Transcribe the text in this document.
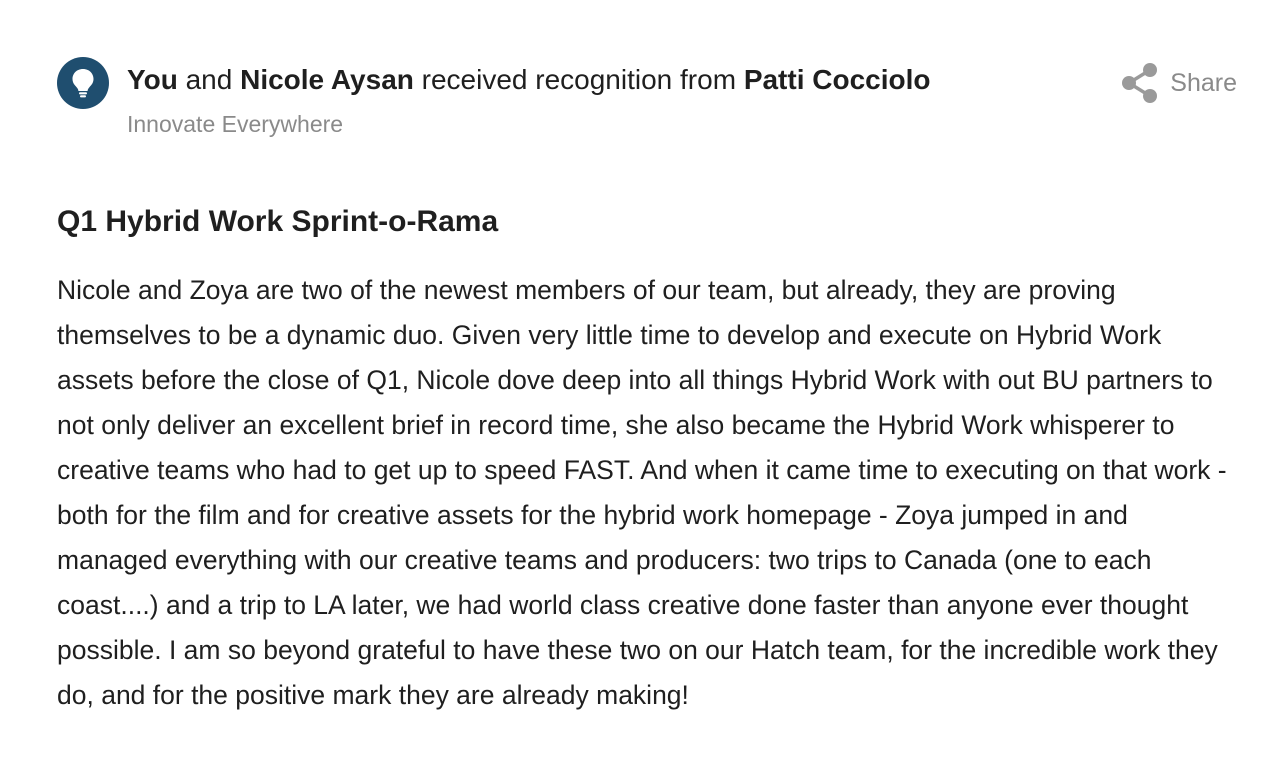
You and Nicole Aysan received recognition from Patti Cocciolo
Innovate Everywhere
Share
Q1 Hybrid Work Sprint-o-Rama

Nicole and Zoya are two of the newest members of our team, but already, they are proving themselves to be a dynamic duo. Given very little time to develop and execute on Hybrid Work assets before the close of Q1, Nicole dove deep into all things Hybrid Work with out BU partners to not only deliver an excellent brief in record time, she also became the Hybrid Work whisperer to creative teams who had to get up to speed FAST. And when it came time to executing on that work - both for the film and for creative assets for the hybrid work homepage - Zoya jumped in and managed everything with our creative teams and producers: two trips to Canada (one to each coast....) and a trip to LA later, we had world class creative done faster than anyone ever thought possible. I am so beyond grateful to have these two on our Hatch team, for the incredible work they do, and for the positive mark they are already making!
